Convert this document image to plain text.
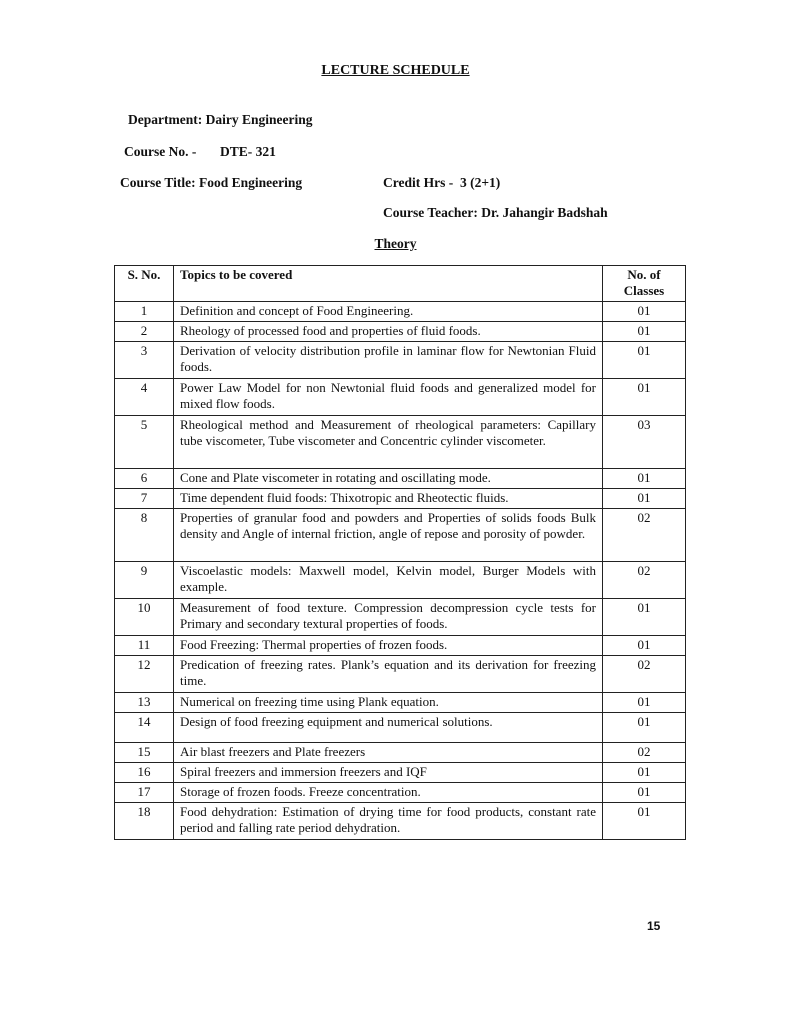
LECTURE SCHEDULE
Department: Dairy Engineering
Course No. - DTE- 321
Course Title: Food Engineering	Credit Hrs -  3 (2+1)
Course Teacher: Dr. Jahangir Badshah
Theory
S. No.	Topics to be covered	No. of
Classes

1	Definition and concept of Food Engineering.	01
2	Rheology of processed food and properties of fluid foods.	01
3	Derivation of velocity distribution profile in laminar flow for Newtonian Fluid foods.	01
4	Power Law Model for non Newtonial fluid foods and generalized model for mixed flow foods.	01
5	Rheological method and Measurement of rheological parameters: Capillary tube viscometer, Tube viscometer and Concentric cylinder viscometer.	03
6	Cone and Plate viscometer in rotating and oscillating mode.	01
7	Time dependent fluid foods: Thixotropic and Rheotectic fluids.	01
8	Properties of granular food and powders and Properties of solids foods Bulk density and Angle of internal friction, angle of repose and porosity of powder.	02
9	Viscoelastic models: Maxwell model, Kelvin model, Burger Models with example.	02
10	Measurement of food texture. Compression decompression cycle tests for Primary and secondary textural properties of foods.	01
11	Food Freezing: Thermal properties of frozen foods.	01
12	Predication of freezing rates. Plank’s equation and its derivation for freezing time.	02
13	Numerical on freezing time using Plank equation.	01
14	Design of food freezing equipment and numerical solutions.	01
15	Air blast freezers and Plate freezers	02
16	Spiral freezers and immersion freezers and IQF	01
17	Storage of frozen foods. Freeze concentration.	01
18	Food dehydration: Estimation of drying time for food products, constant rate period and falling rate period dehydration.	01
15
